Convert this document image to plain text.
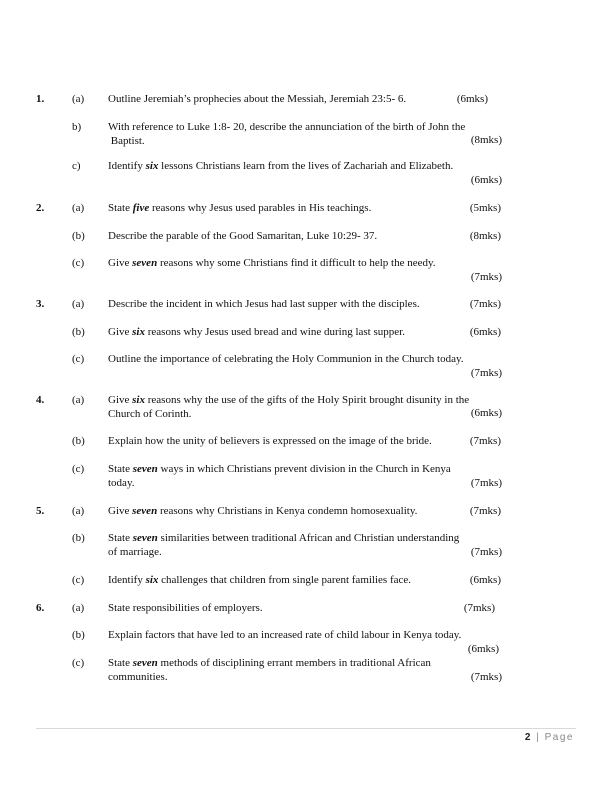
1.	(a) Outline Jeremiah’s prophecies about the Messiah, Jeremiah 23:5- 6.	(6mks)
b) With reference to Luke 1:8- 20, describe the annunciation of the birth of John the
Baptist.	(8mks)
c) Identify six lessons Christians learn from the lives of Zachariah and Elizabeth.
(6mks)
2.	(a) State five reasons why Jesus used parables in His teachings.	(5mks)
(b) Describe the parable of the Good Samaritan, Luke 10:29- 37.	(8mks)
(c) Give seven reasons why some Christians find it difficult to help the needy.
(7mks)
3.	(a) Describe the incident in which Jesus had last supper with the disciples.	(7mks)
(b) Give six reasons why Jesus used bread and wine during last supper.	(6mks)
(c) Outline the importance of celebrating the Holy Communion in the Church today.
(7mks)
4.	(a) Give six reasons why the use of the gifts of the Holy Spirit brought disunity in the
Church of Corinth.	(6mks)
(b) Explain how the unity of believers is expressed on the image of the bride.	(7mks)
(c) State seven ways in which Christians prevent division in the Church in Kenya
today.	(7mks)
5.	(a) Give seven reasons why Christians in Kenya condemn homosexuality.	(7mks)
(b) State seven similarities between traditional African and Christian understanding
of marriage.	(7mks)
(c) Identify six challenges that children from single parent families face.	(6mks)
6.	(a) State responsibilities of employers.	(7mks)
(b) Explain factors that have led to an increased rate of child labour in Kenya today.
(6mks)
(c) State seven methods of disciplining errant members in traditional African
communities.	(7mks)
2 | Page
